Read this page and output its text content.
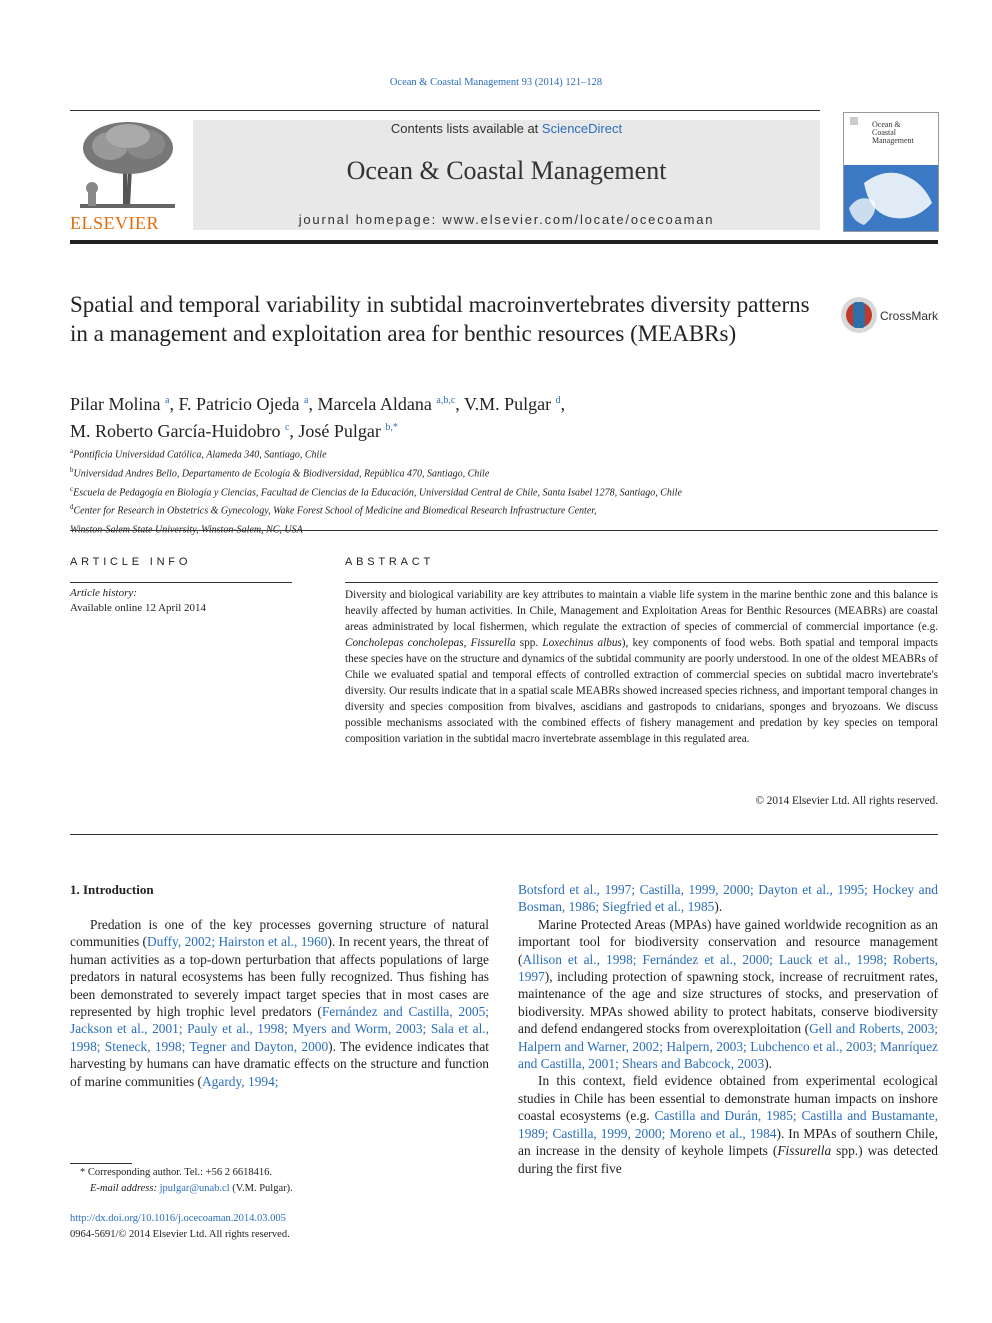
Ocean & Coastal Management 93 (2014) 121–128
ELSEVIER
Contents lists available at ScienceDirect
Ocean & Coastal Management
journal homepage: www.elsevier.com/locate/ocecoaman
Ocean &
Coastal
Management
Spatial and temporal variability in subtidal macroinvertebrates diversity patterns in a management and exploitation area for benthic resources (MEABRs)
CrossMark
Pilar Molina $^a$, F. Patricio Ojeda $^a$, Marcela Aldana $^{a,b,c}$, V.M. Pulgar $^d$,
M. Roberto García-Huidobro $^c$, José Pulgar $^{b,*}$
$^a$Pontificia Universidad Católica, Alameda 340, Santiago, Chile
$^b$Universidad Andres Bello, Departamento de Ecología & Biodiversidad, República 470, Santiago, Chile
$^c$Escuela de Pedagogía en Biología y Ciencias, Facultad de Ciencias de la Educación, Universidad Central de Chile, Santa Isabel 1278, Santiago, Chile
$^d$Center for Research in Obstetrics & Gynecology, Wake Forest School of Medicine and Biomedical Research Infrastructure Center,
Winston-Salem State University, Winston-Salem, NC, USA
ARTICLE INFO
Article history:
Available online 12 April 2014
ABSTRACT
Diversity and biological variability are key attributes to maintain a viable life system in the marine benthic zone and this balance is heavily affected by human activities. In Chile, Management and Exploitation Areas for Benthic Resources (MEABRs) are coastal areas administrated by local fishermen, which regulate the extraction of species of commercial of commercial importance (e.g. Concholepas concholepas, Fissurella spp. Loxechinus albus), key components of food webs. Both spatial and temporal impacts these species have on the structure and dynamics of the subtidal community are poorly understood. In one of the oldest MEABRs of Chile we evaluated spatial and temporal effects of controlled extraction of commercial species on subtidal macro invertebrate's diversity. Our results indicate that in a spatial scale MEABRs showed increased species richness, and important temporal changes in diversity and species composition from bivalves, ascidians and gastropods to cnidarians, sponges and bryozoans. We discuss possible mechanisms associated with the combined effects of fishery management and predation by key species on temporal composition variation in the subtidal macro invertebrate assemblage in this regulated area.
© 2014 Elsevier Ltd. All rights reserved.
1. Introduction

Predation is one of the key processes governing structure of natural communities (Duffy, 2002; Hairston et al., 1960). In recent years, the threat of human activities as a top-down perturbation that affects populations of large predators in natural ecosystems has been fully recognized. Thus fishing has been demonstrated to severely impact target species that in most cases are represented by high trophic level predators (Fernández and Castilla, 2005; Jackson et al., 2001; Pauly et al., 1998; Myers and Worm, 2003; Sala et al., 1998; Steneck, 1998; Tegner and Dayton, 2000). The evidence indicates that harvesting by humans can have dramatic effects on the structure and function of marine communities (Agardy, 1994;

Botsford et al., 1997; Castilla, 1999, 2000; Dayton et al., 1995; Hockey and Bosman, 1986; Siegfried et al., 1985).

Marine Protected Areas (MPAs) have gained worldwide recognition as an important tool for biodiversity conservation and resource management (Allison et al., 1998; Fernández et al., 2000; Lauck et al., 1998; Roberts, 1997), including protection of spawning stock, increase of recruitment rates, maintenance of the age and size structures of stocks, and preservation of biodiversity. MPAs showed ability to protect habitats, conserve biodiversity and defend endangered stocks from overexploitation (Gell and Roberts, 2003; Halpern and Warner, 2002; Halpern, 2003; Lubchenco et al., 2003; Manríquez and Castilla, 2001; Shears and Babcock, 2003).

In this context, field evidence obtained from experimental ecological studies in Chile has been essential to demonstrate human impacts on inshore coastal ecosystems (e.g. Castilla and Durán, 1985; Castilla and Bustamante, 1989; Castilla, 1999, 2000; Moreno et al., 1984). In MPAs of southern Chile, an increase in the density of keyhole limpets (Fissurella spp.) was detected during the first five

* Corresponding author. Tel.: +56 2 6618416.
E-mail address: jpulgar@unab.cl (V.M. Pulgar).
http://dx.doi.org/10.1016/j.ocecoaman.2014.03.005
0964-5691/© 2014 Elsevier Ltd. All rights reserved.
